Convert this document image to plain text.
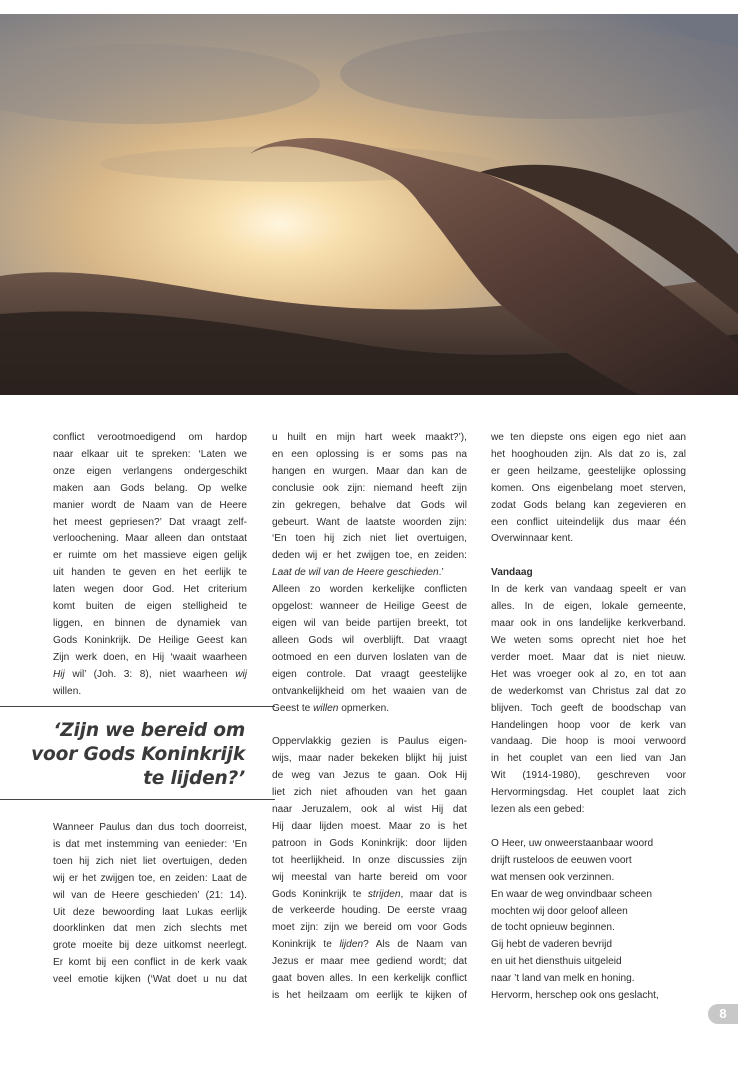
conflict verootmoedigend om hardop
naar elkaar uit te spreken: ‘Laten we
onze eigen verlangens ondergeschikt
maken aan Gods belang. Op welke
manier wordt de Naam van de Heere
het meest gepriesen?’ Dat vraagt zelf-
verloochening. Maar alleen dan ontstaat
er ruimte om het massieve eigen gelijk
uit handen te geven en het eerlijk te
laten wegen door God. Het criterium
komt buiten de eigen stelligheid te
liggen, en binnen de dynamiek van
Gods Koninkrijk. De Heilige Geest kan
Zijn werk doen, en Hij ‘waait waarheen
Hij wil’ (Joh. 3: 8), niet waarheen wij
willen.
‘Zijn we bereid om
voor Gods Koninkrijk
te lijden?’
Wanneer Paulus dan dus toch doorreist,
is dat met instemming van eenieder: ‘En
toen hij zich niet liet overtuigen, deden
wij er het zwijgen toe, en zeiden: Laat de
wil van de Heere geschieden’ (21: 14).
Uit deze bewoording laat Lukas eerlijk
doorklinken dat men zich slechts met
grote moeite bij deze uitkomst neerlegt.
Er komt bij een conflict in de kerk vaak
veel emotie kijken (‘Wat doet u nu dat
u huilt en mijn hart week maakt?’),
en een oplossing is er soms pas na
hangen en wurgen. Maar dan kan de
conclusie ook zijn: niemand heeft zijn
zin gekregen, behalve dat Gods wil
gebeurt. Want de laatste woorden zijn:
‘En toen hij zich niet liet overtuigen,
deden wij er het zwijgen toe, en zeiden:
Laat de wil van de Heere geschieden.’
Alleen zo worden kerkelijke conflicten
opgelost: wanneer de Heilige Geest de
eigen wil van beide partijen breekt, tot
alleen Gods wil overblijft. Dat vraagt
ootmoed en een durven loslaten van de
eigen controle. Dat vraagt geestelijke
ontvankelijkheid om het waaien van de
Geest te willen opmerken.
Oppervlakkig gezien is Paulus eigen-
wijs, maar nader bekeken blijkt hij juist
de weg van Jezus te gaan. Ook Hij
liet zich niet afhouden van het gaan
naar Jeruzalem, ook al wist Hij dat
Hij daar lijden moest. Maar zo is het
patroon in Gods Koninkrijk: door lijden
tot heerlijkheid. In onze discussies zijn
wij meestal van harte bereid om voor
Gods Koninkrijk te strijden, maar dat is
de verkeerde houding. De eerste vraag
moet zijn: zijn we bereid om voor Gods
Koninkrijk te lijden? Als de Naam van
Jezus er maar mee gediend wordt; dat
gaat boven alles. In een kerkelijk conflict
is het heilzaam om eerlijk te kijken of
we ten diepste ons eigen ego niet aan
het hooghouden zijn. Als dat zo is, zal
er geen heilzame, geestelijke oplossing
komen. Ons eigenbelang moet sterven,
zodat Gods belang kan zegevieren en
een conflict uiteindelijk dus maar één
Overwinnaar kent.
Vandaag
In de kerk van vandaag speelt er van
alles. In de eigen, lokale gemeente,
maar ook in ons landelijke kerkverband.
We weten soms oprecht niet hoe het
verder moet. Maar dat is niet nieuw.
Het was vroeger ook al zo, en tot aan
de wederkomst van Christus zal dat zo
blijven. Toch geeft de boodschap van
Handelingen hoop voor de kerk van
vandaag. Die hoop is mooi verwoord
in het couplet van een lied van Jan
Wit (1914-1980), geschreven voor
Hervormingsdag. Het couplet laat zich
lezen als een gebed:
O Heer, uw onweerstaanbaar woord
drijft rusteloos de eeuwen voort
wat mensen ook verzinnen.
En waar de weg onvindbaar scheen
mochten wij door geloof alleen
de tocht opnieuw beginnen.
Gij hebt de vaderen bevrijd
en uit het diensthuis uitgeleid
naar ’t land van melk en honing.
Hervorm, herschep ook ons geslacht,
8
